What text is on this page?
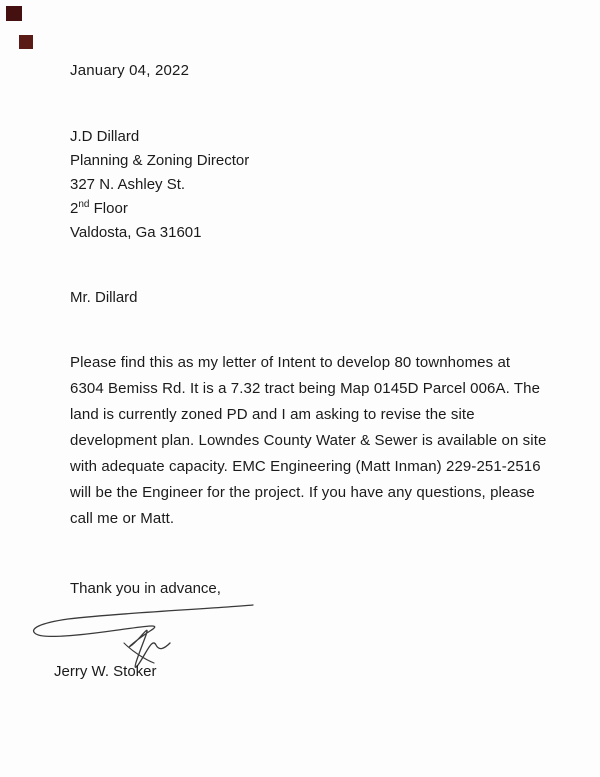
January 04, 2022
J.D Dillard
Planning & Zoning Director
327 N. Ashley St.
2nd Floor
Valdosta, Ga 31601
Mr. Dillard
Please find this as my letter of Intent to develop 80 townhomes at 6304 Bemiss Rd. It is a 7.32 tract being Map 0145D Parcel 006A. The land is currently zoned PD and I am asking to revise the site development plan. Lowndes County Water & Sewer is available on site with adequate capacity. EMC Engineering (Matt Inman) 229-251-2516 will be the Engineer for the project. If you have any questions, please call me or Matt.
Thank you in advance,
Jerry W. Stoker
